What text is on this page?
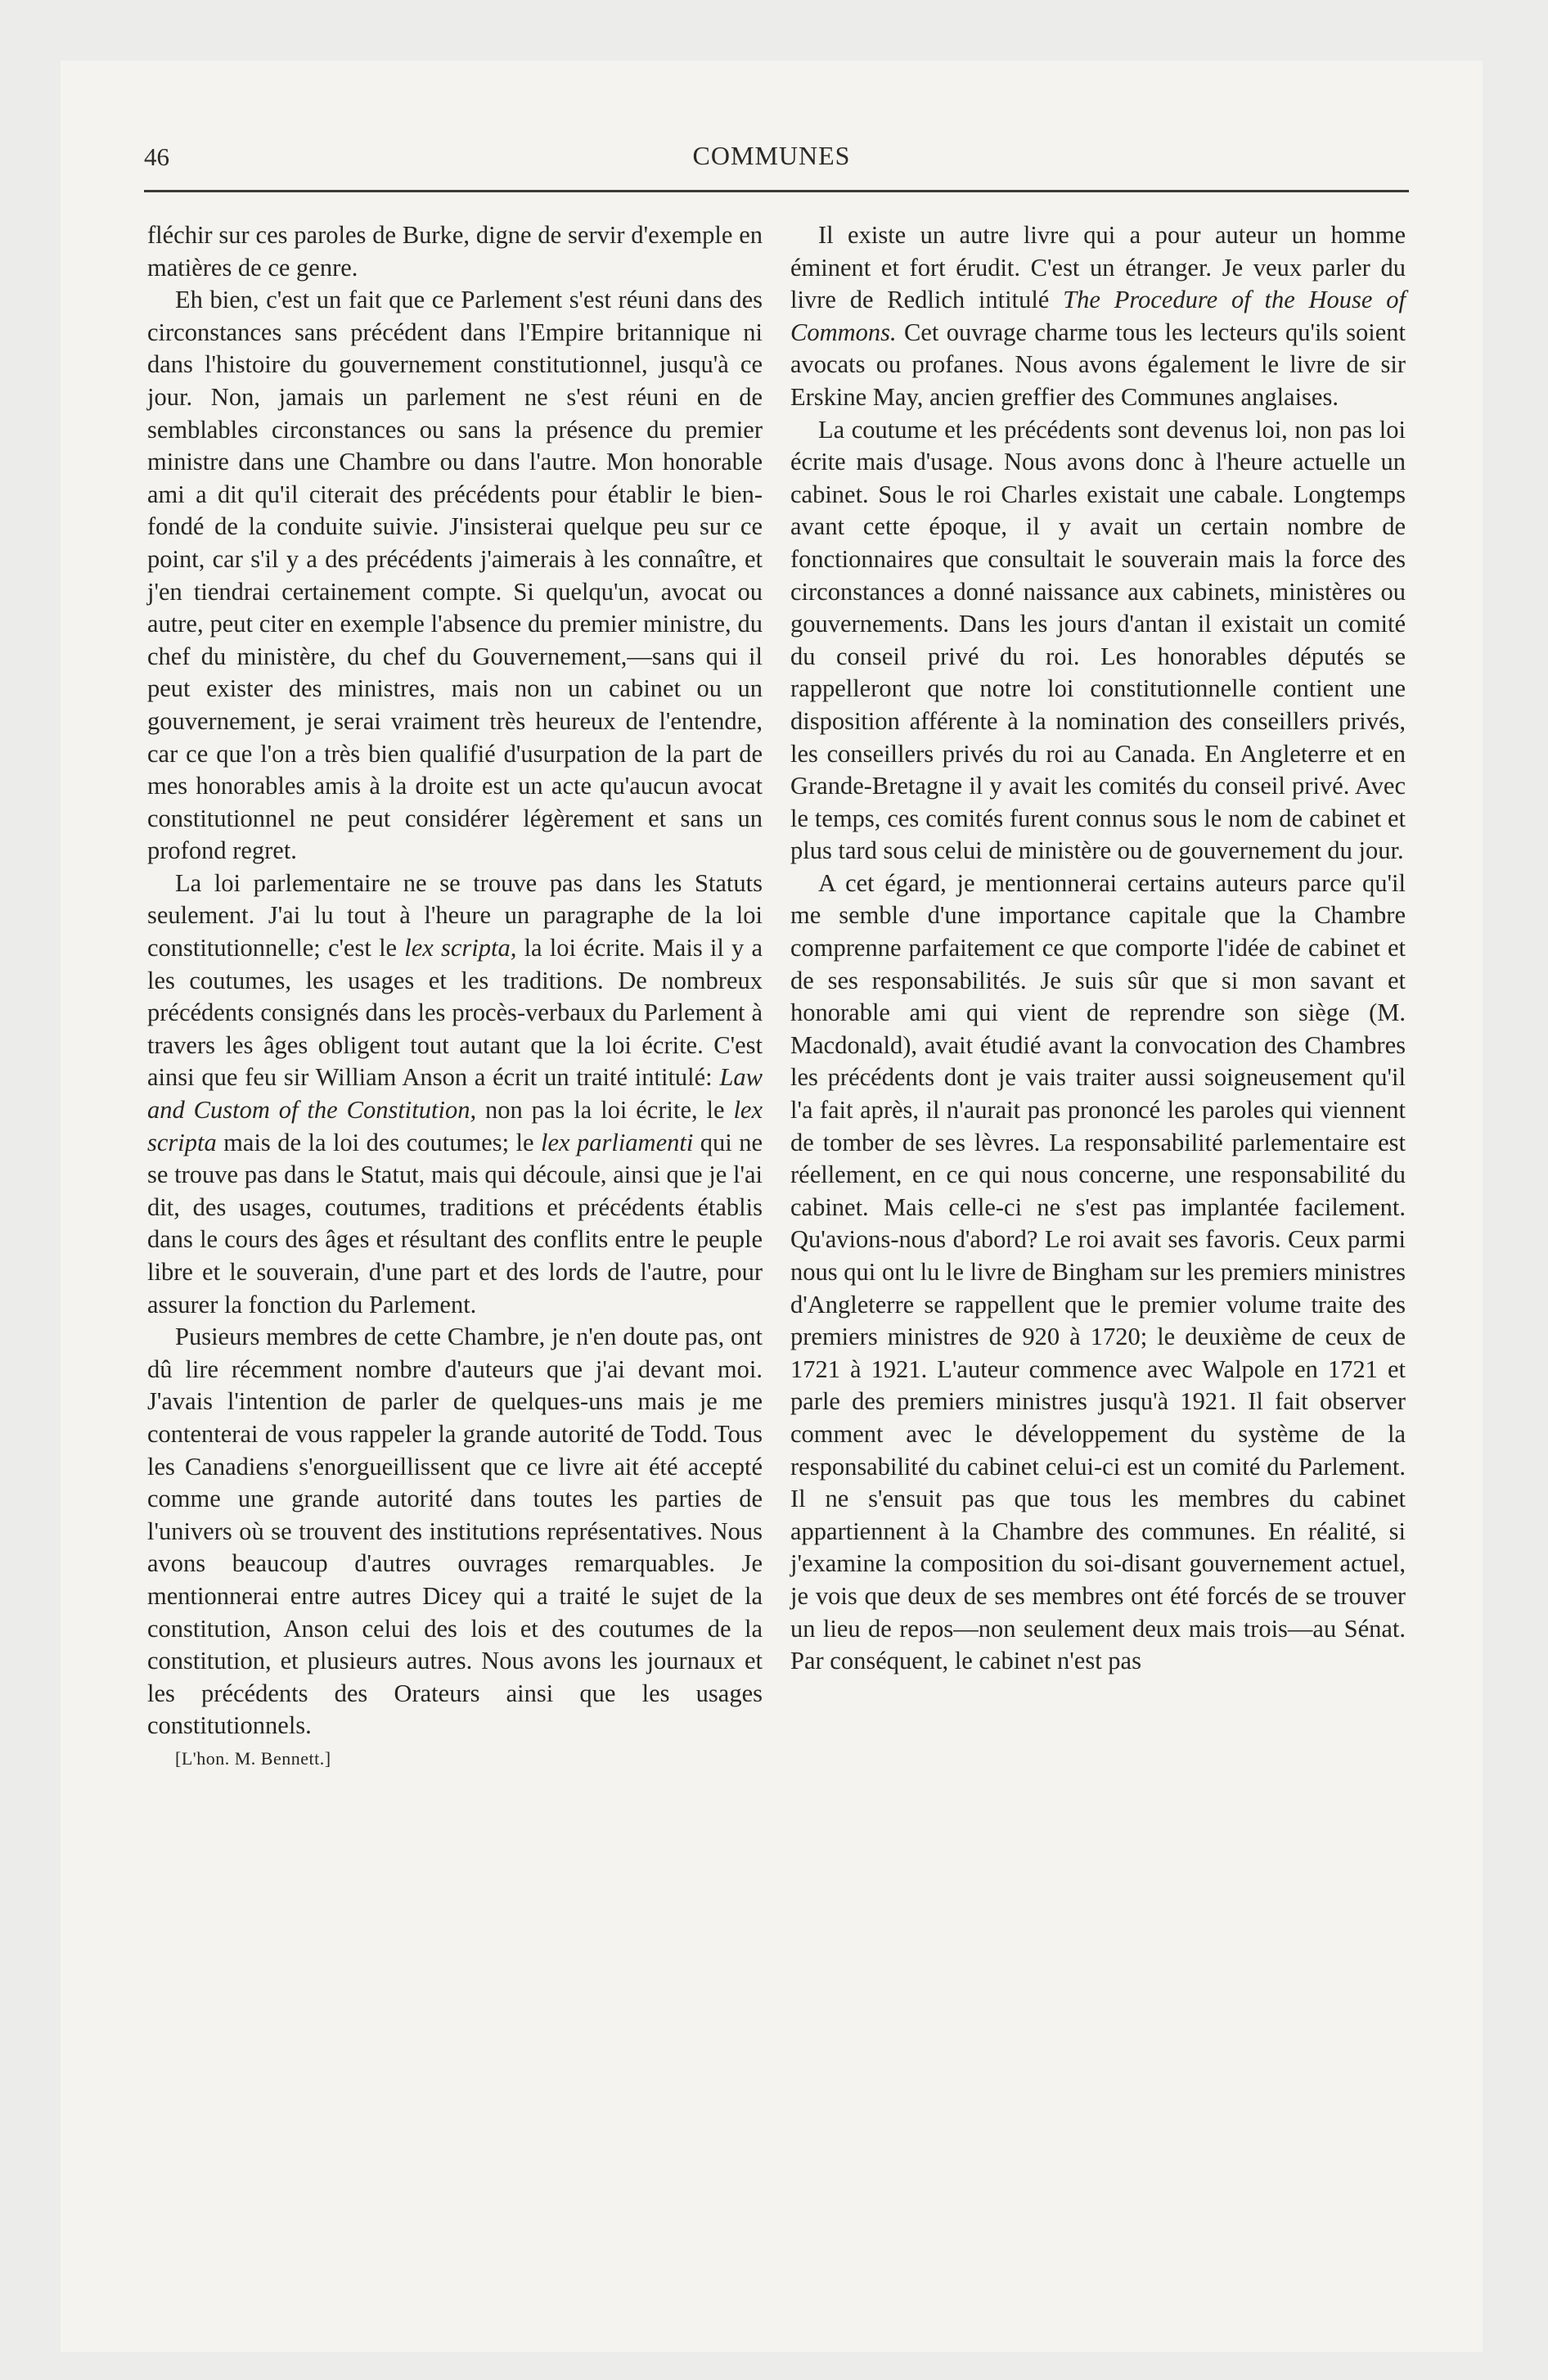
46	COMMUNES

fléchir sur ces paroles de Burke, digne de servir d'exemple en matières de ce genre.

Eh bien, c'est un fait que ce Parlement s'est réuni dans des circonstances sans précédent dans l'Empire britannique ni dans l'histoire du gouvernement constitutionnel, jusqu'à ce jour. Non, jamais un parlement ne s'est réuni en de semblables circonstances ou sans la présence du premier ministre dans une Chambre ou dans l'autre. Mon honorable ami a dit qu'il citerait des précédents pour établir le bien-fondé de la conduite suivie. J'insisterai quelque peu sur ce point, car s'il y a des précédents j'aimerais à les connaître, et j'en tiendrai certainement compte. Si quelqu'un, avocat ou autre, peut citer en exemple l'absence du premier ministre, du chef du ministère, du chef du Gouvernement,—sans qui il peut exister des ministres, mais non un cabinet ou un gouvernement, je serai vraiment très heureux de l'entendre, car ce que l'on a très bien qualifié d'usurpation de la part de mes honorables amis à la droite est un acte qu'aucun avocat constitutionnel ne peut considérer légèrement et sans un profond regret.

La loi parlementaire ne se trouve pas dans les Statuts seulement. J'ai lu tout à l'heure un paragraphe de la loi constitutionnelle; c'est le lex scripta, la loi écrite. Mais il y a les coutumes, les usages et les traditions. De nombreux précédents consignés dans les procès-verbaux du Parlement à travers les âges obligent tout autant que la loi écrite. C'est ainsi que feu sir William Anson a écrit un traité intitulé: Law and Custom of the Constitution, non pas la loi écrite, le lex scripta mais de la loi des coutumes; le lex parliamenti qui ne se trouve pas dans le Statut, mais qui découle, ainsi que je l'ai dit, des usages, coutumes, traditions et précédents établis dans le cours des âges et résultant des conflits entre le peuple libre et le souverain, d'une part et des lords de l'autre, pour assurer la fonction du Parlement.

Pusieurs membres de cette Chambre, je n'en doute pas, ont dû lire récemment nombre d'auteurs que j'ai devant moi. J'avais l'intention de parler de quelques-uns mais je me contenterai de vous rappeler la grande autorité de Todd. Tous les Canadiens s'enorgueillissent que ce livre ait été accepté comme une grande autorité dans toutes les parties de l'univers où se trouvent des institutions représentatives. Nous avons beaucoup d'autres ouvrages remarquables. Je mentionnerai entre autres Dicey qui a traité le sujet de la constitution, Anson celui des lois et des coutumes de la constitution, et plusieurs autres. Nous avons les journaux et les précédents des Orateurs ainsi que les usages constitutionnels.

[L'hon. M. Bennett.]

Il existe un autre livre qui a pour auteur un homme éminent et fort érudit. C'est un étranger. Je veux parler du livre de Redlich intitulé The Procedure of the House of Commons. Cet ouvrage charme tous les lecteurs qu'ils soient avocats ou profanes. Nous avons également le livre de sir Erskine May, ancien greffier des Communes anglaises.

La coutume et les précédents sont devenus loi, non pas loi écrite mais d'usage. Nous avons donc à l'heure actuelle un cabinet. Sous le roi Charles existait une cabale. Longtemps avant cette époque, il y avait un certain nombre de fonctionnaires que consultait le souverain mais la force des circonstances a donné naissance aux cabinets, ministères ou gouvernements. Dans les jours d'antan il existait un comité du conseil privé du roi. Les honorables députés se rappelleront que notre loi constitutionnelle contient une disposition afférente à la nomination des conseillers privés, les conseillers privés du roi au Canada. En Angleterre et en Grande-Bretagne il y avait les comités du conseil privé. Avec le temps, ces comités furent connus sous le nom de cabinet et plus tard sous celui de ministère ou de gouvernement du jour.

A cet égard, je mentionnerai certains auteurs parce qu'il me semble d'une importance capitale que la Chambre comprenne parfaitement ce que comporte l'idée de cabinet et de ses responsabilités. Je suis sûr que si mon savant et honorable ami qui vient de reprendre son siège (M. Macdonald), avait étudié avant la convocation des Chambres les précédents dont je vais traiter aussi soigneusement qu'il l'a fait après, il n'aurait pas prononcé les paroles qui viennent de tomber de ses lèvres. La responsabilité parlementaire est réellement, en ce qui nous concerne, une responsabilité du cabinet. Mais celle-ci ne s'est pas implantée facilement. Qu'avions-nous d'abord? Le roi avait ses favoris. Ceux parmi nous qui ont lu le livre de Bingham sur les premiers ministres d'Angleterre se rappellent que le premier volume traite des premiers ministres de 920 à 1720; le deuxième de ceux de 1721 à 1921. L'auteur commence avec Walpole en 1721 et parle des premiers ministres jusqu'à 1921. Il fait observer comment avec le développement du système de la responsabilité du cabinet celui-ci est un comité du Parlement. Il ne s'ensuit pas que tous les membres du cabinet appartiennent à la Chambre des communes. En réalité, si j'examine la composition du soi-disant gouvernement actuel, je vois que deux de ses membres ont été forcés de se trouver un lieu de repos—non seulement deux mais trois—au Sénat. Par conséquent, le cabinet n'est pas
